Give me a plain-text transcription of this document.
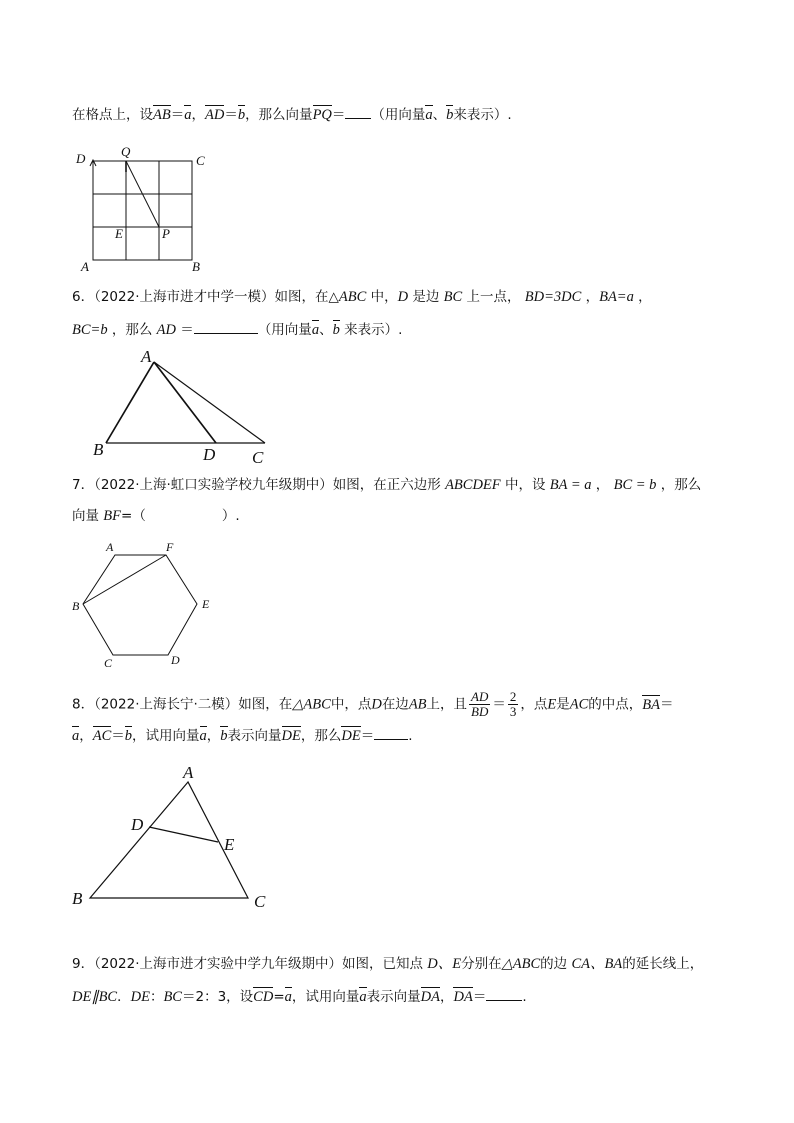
在格点上，设AB＝a，AD＝b，那么向量PQ＝ （用向量a、b来表示）.
D	Q
C
E	P
A	B
A
B	D C
A	F
B	E
C	D
A
D
E
B	C
6．（2022·上海市进才中学一模）如图，在△ABC 中，D 是边 BC 上一点， BD=3DC ，BA=a ，
BC=b ，那么 AD ＝	（用向量a、b 来表示）.
7．（2022·上海·虹口实验学校九年级期中）如图，在正六边形 ABCDEF 中，设 BA = a ， BC = b ，那么
向量 BF=（	）.
8．（2022·上海长宁·二模）如图，在△ABC中，点D在边AB上，且 $\frac{AD}{BD} = \frac{2}{3}$ ，点E是AC的中点，BA＝
a，AC＝b，试用向量a，b表示向量DE，那么DE＝	.
9．（2022·上海市进才实验中学九年级期中）如图，已知点 D、E分别在△ABC的边 CA、BA的延长线上，
DE∥BC．DE：BC＝2：3，设CD=a，试用向量a表示向量DA，DA＝	.
